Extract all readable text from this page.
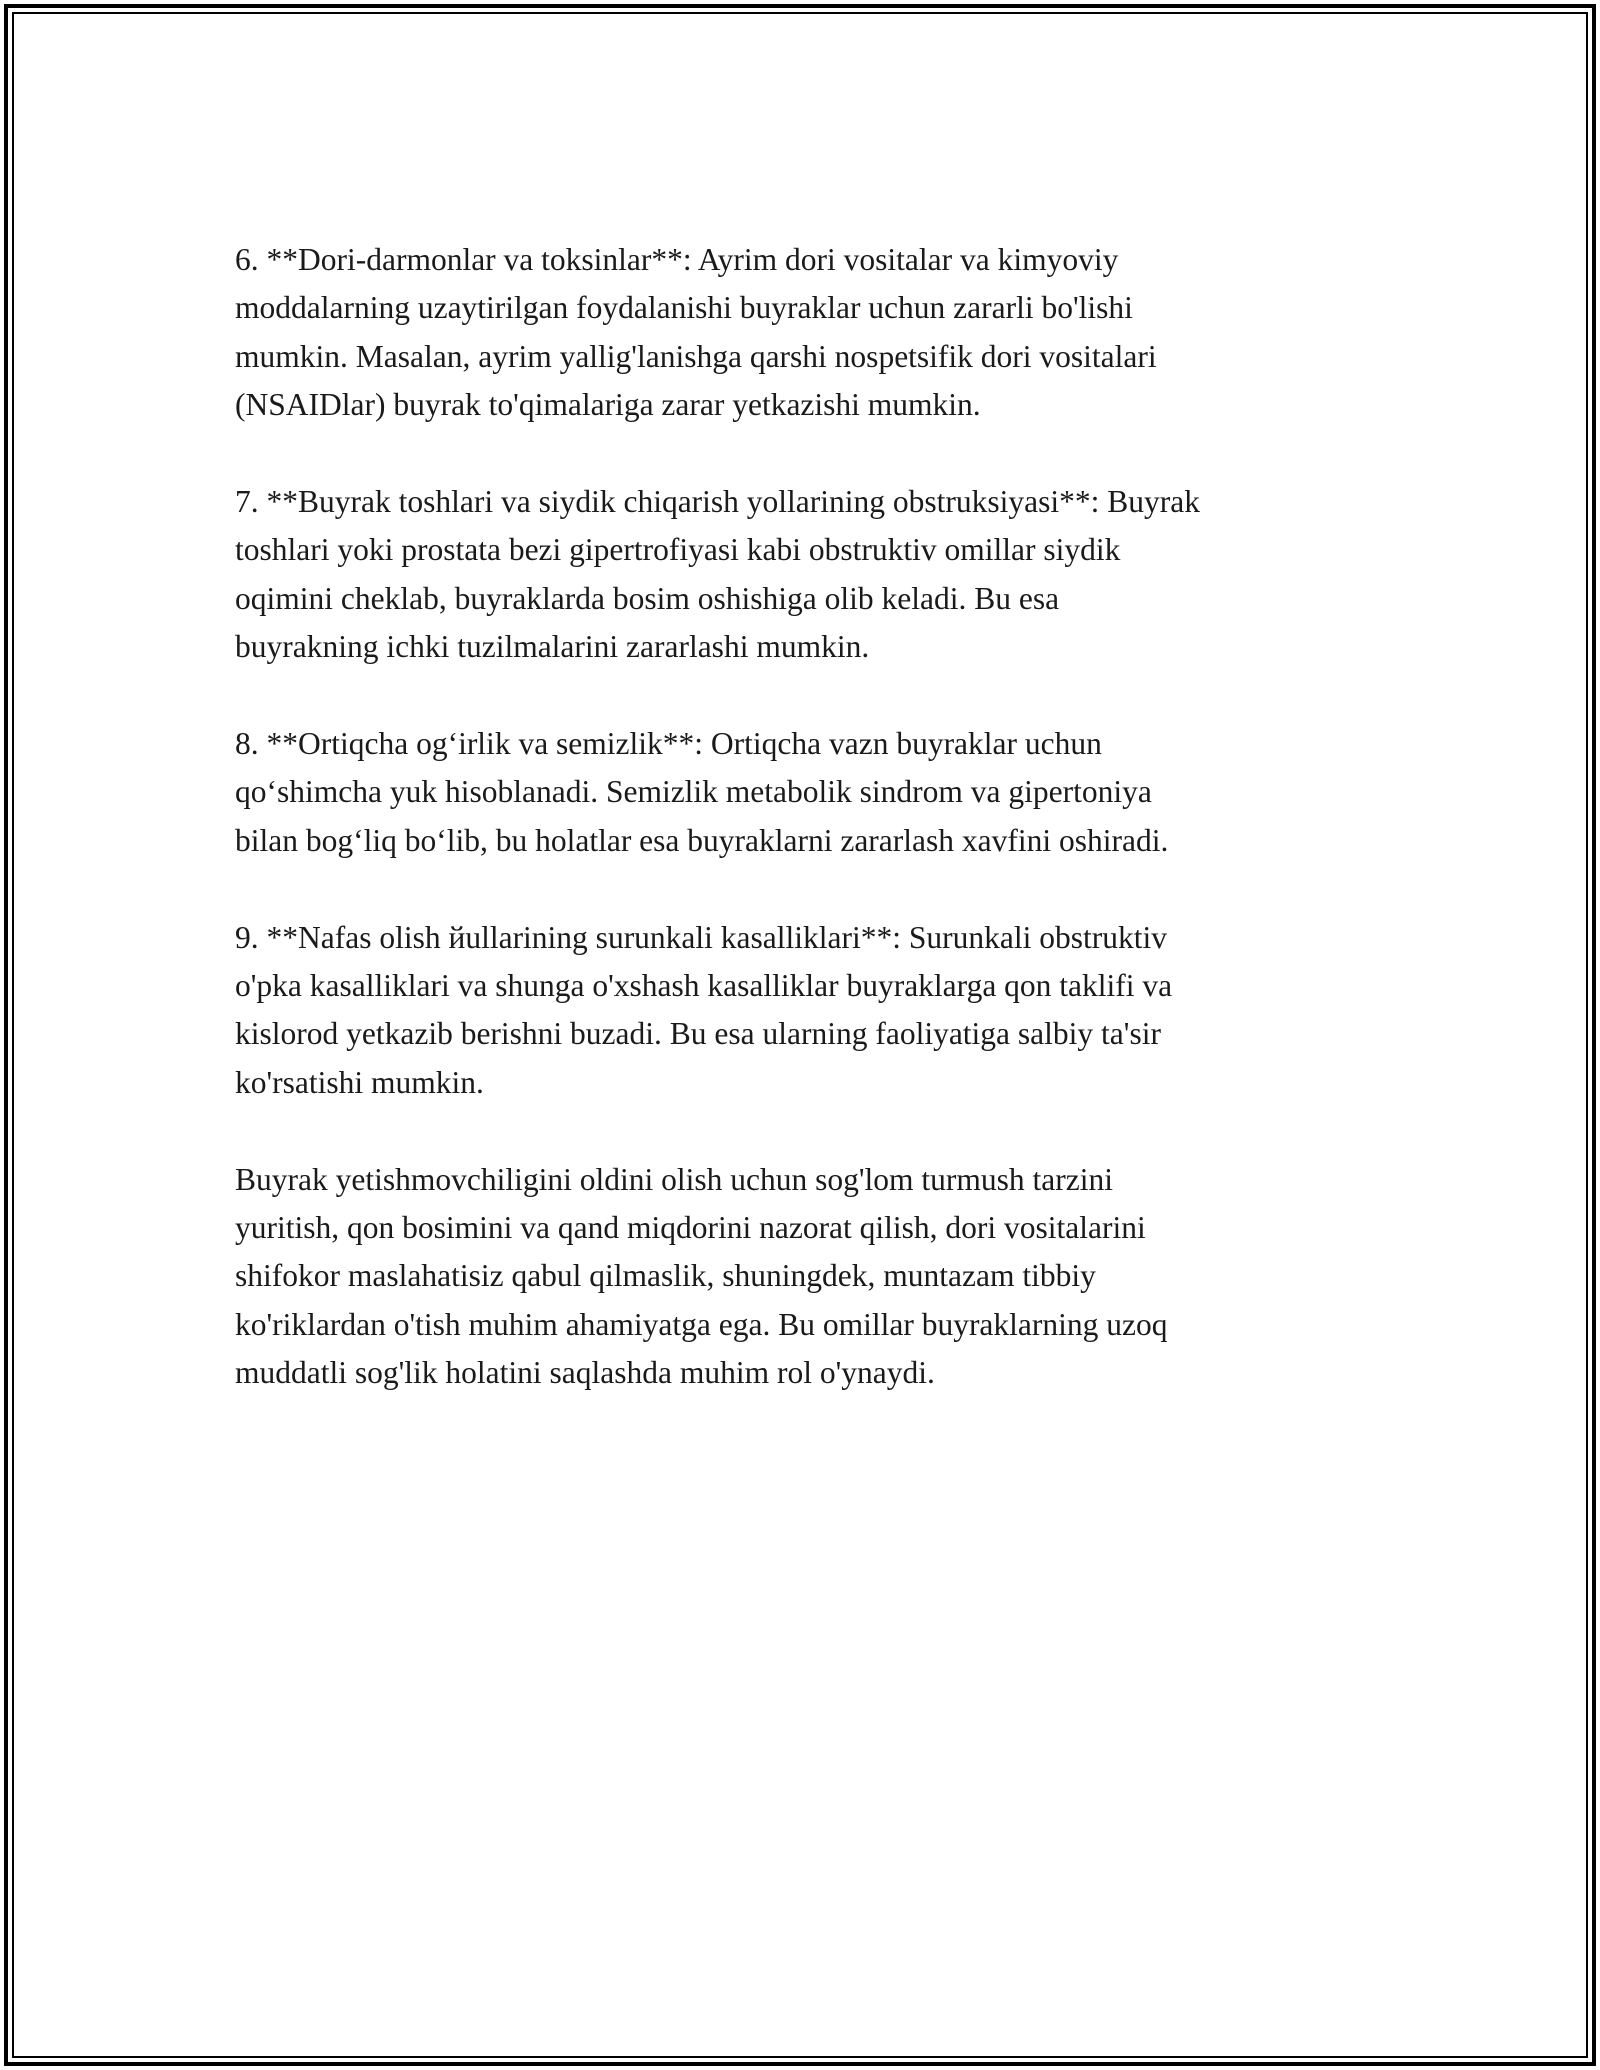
6. **Dori-darmonlar va toksinlar**: Ayrim dori vositalar va kimyoviy
moddalarning uzaytirilgan foydalanishi buyraklar uchun zararli bo'lishi
mumkin. Masalan, ayrim yallig'lanishga qarshi nospetsifik dori vositalari
(NSAIDlar) buyrak to'qimalariga zarar yetkazishi mumkin.

7. **Buyrak toshlari va siydik chiqarish yollarining obstruksiyasi**: Buyrak
toshlari yoki prostata bezi gipertrofiyasi kabi obstruktiv omillar siydik
oqimini cheklab, buyraklarda bosim oshishiga olib keladi. Bu esa
buyrakning ichki tuzilmalarini zararlashi mumkin.

8. **Ortiqcha og‘irlik va semizlik**: Ortiqcha vazn buyraklar uchun
qo‘shimcha yuk hisoblanadi. Semizlik metabolik sindrom va gipertoniya
bilan bog‘liq bo‘lib, bu holatlar esa buyraklarni zararlash xavfini oshiradi.

9. **Nafas olish йullarining surunkali kasalliklari**: Surunkali obstruktiv
o'pka kasalliklari va shunga o'xshash kasalliklar buyraklarga qon taklifi va
kislorod yetkazib berishni buzadi. Bu esa ularning faoliyatiga salbiy ta'sir
ko'rsatishi mumkin.

Buyrak yetishmovchiligini oldini olish uchun sog'lom turmush tarzini
yuritish, qon bosimini va qand miqdorini nazorat qilish, dori vositalarini
shifokor maslahatisiz qabul qilmaslik, shuningdek, muntazam tibbiy
ko'riklardan o'tish muhim ahamiyatga ega. Bu omillar buyraklarning uzoq
muddatli sog'lik holatini saqlashda muhim rol o'ynaydi.
